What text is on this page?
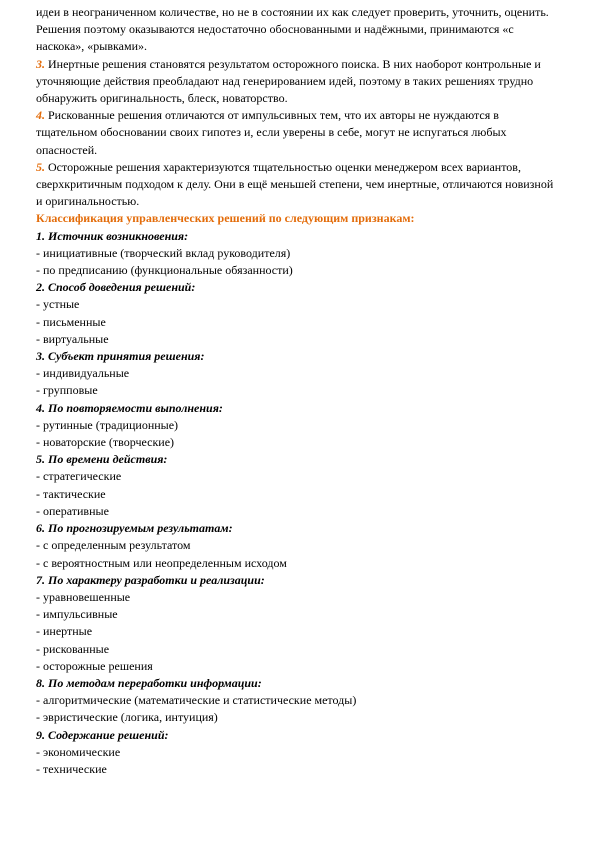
идеи в неограниченном количестве, но не в состоянии их как следует проверить, уточнить, оценить. Решения поэтому оказываются недостаточно обоснованными и надёжными, принимаются «с наскока», «рывками».

3. Инертные решения становятся результатом осторожного поиска. В них наоборот контрольные и уточняющие действия преобладают над генерированием идей, поэтому в таких решениях трудно обнаружить оригинальность, блеск, новаторство.

4. Рискованные решения отличаются от импульсивных тем, что их авторы не нуждаются в тщательном обосновании своих гипотез и, если уверены в себе, могут не испугаться любых опасностей.

5. Осторожные решения характеризуются тщательностью оценки менеджером всех вариантов, сверхкритичным подходом к делу. Они в ещё меньшей степени, чем инертные, отличаются новизной и оригинальностью.

Классификация управленческих решений по следующим признакам:

1. Источник возникновения:

- инициативные (творческий вклад руководителя)

- по предписанию (функциональные обязанности)

2. Способ доведения решений:

- устные

- письменные

- виртуальные

3. Субъект принятия решения:

- индивидуальные

- групповые

4. По повторяемости выполнения:

- рутинные (традиционные)

- новаторские (творческие)

5. По времени действия:

- стратегические

- тактические

- оперативные

6. По прогнозируемым результатам:

- с определенным результатом

- с вероятностным или неопределенным исходом

7. По характеру разработки и реализации:

- уравновешенные

- импульсивные

- инертные

- рискованные

- осторожные решения

8. По методам переработки информации:

- алгоритмические (математические и статистические методы)

- эвристические (логика, интуиция)

9. Содержание решений:

- экономические

- технические
